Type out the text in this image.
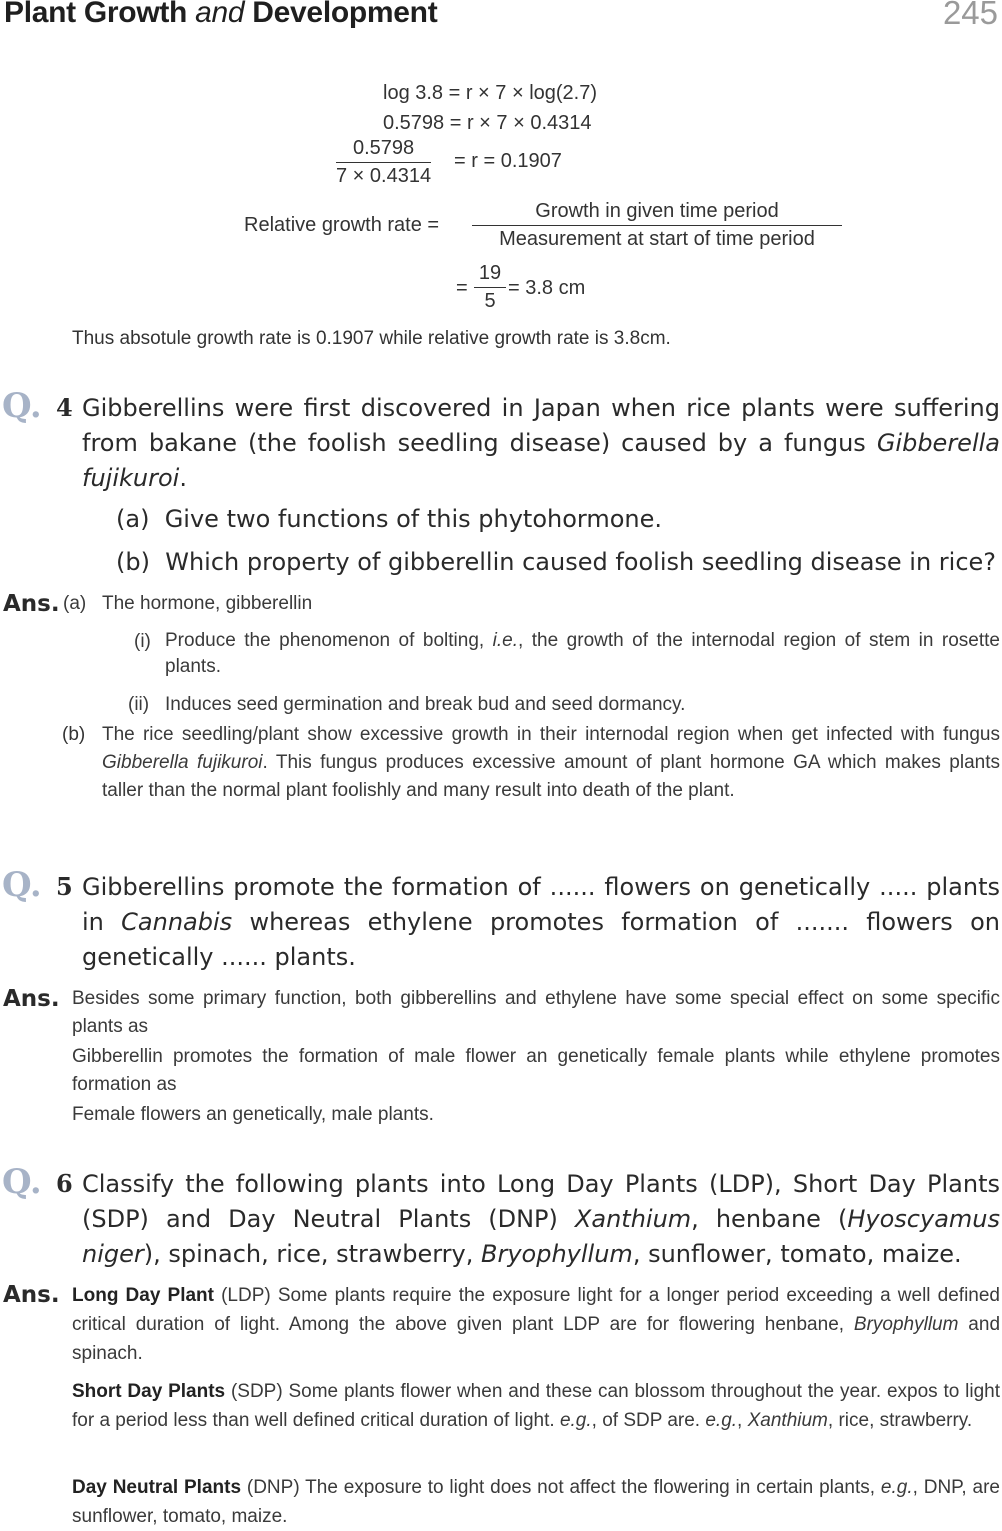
Plant Growth and Development	245
log 3.8 = r × 7 × log(2.7)
0.5798 = r × 7 × 0.4314
$\frac{0.5798}{7 \times 0.4314} = r = 0.1907$
Relative growth rate =
Growth in given time period
Measurement at start of time period
= $\frac{19}{5} = 3.8$ cm
Thus absotule growth rate is 0.1907 while relative growth rate is 3.8cm.
Q. 4 Gibberellins were first discovered in Japan when rice plants were suffering from bakane (the foolish seedling disease) caused by a fungus Gibberella fujikuroi.
(a) Give two functions of this phytohormone.
(b) Which property of gibberellin caused foolish seedling disease in rice?
Ans. (a) The hormone, gibberellin
(i) Produce the phenomenon of bolting, i.e., the growth of the internodal region of stem in rosette plants.
(ii) Induces seed germination and break bud and seed dormancy.
(b) The rice seedling/plant show excessive growth in their internodal region when get infected with fungus Gibberella fujikuroi. This fungus produces excessive amount of plant hormone GA which makes plants taller than the normal plant foolishly and many result into death of the plant.
Q. 5 Gibberellins promote the formation of ...... flowers on genetically ..... plants in Cannabis whereas ethylene promotes formation of ....... flowers on genetically ...... plants.
Ans. Besides some primary function, both gibberellins and ethylene have some special effect on some specific plants as
Gibberellin promotes the formation of male flower an genetically female plants while ethylene promotes formation as
Female flowers an genetically, male plants.
Q. 6 Classify the following plants into Long Day Plants (LDP), Short Day Plants (SDP) and Day Neutral Plants (DNP) Xanthium, henbane (Hyoscyamus niger), spinach, rice, strawberry, Bryophyllum, sunflower, tomato, maize.
Ans. Long Day Plant (LDP) Some plants require the exposure light for a longer period exceeding a well defined critical duration of light. Among the above given plant LDP are for flowering henbane, Bryophyllum and spinach.
Short Day Plants (SDP) Some plants flower when and these can blossom throughout the year. expos to light for a period less than well defined critical duration of light. e.g., of SDP are. e.g., Xanthium, rice, strawberry.
Day Neutral Plants (DNP) The exposure to light does not affect the flowering in certain plants, e.g., DNP, are sunflower, tomato, maize.
